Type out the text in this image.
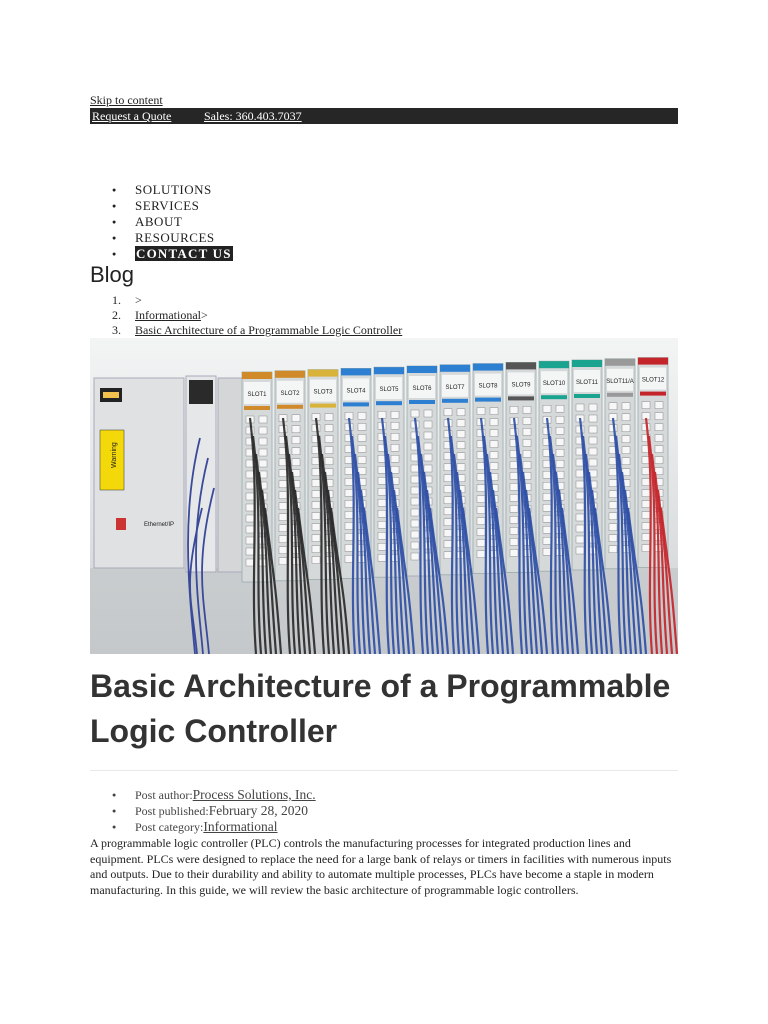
Skip to content
Request a Quote	Sales: 360.403.7037
● SOLUTIONS
● SERVICES
● ABOUT
● RESOURCES
● CONTACT US
Blog
1. >
2. Informational>
3. Basic Architecture of a Programmable Logic Controller
Warning
Ethernet/IP
SLOT1 SLOT2 SLOT3 SLOT4 SLOT5 SLOT6 SLOT7 SLOT8 SLOT9 SLOT10 SLOT11 SLOT11/A SLOT12
Basic Architecture of a Programmable Logic Controller
● Post author:Process Solutions, Inc.
● Post published:February 28, 2020
● Post category:Informational

A programmable logic controller (PLC) controls the manufacturing processes for integrated production lines and equipment. PLCs were designed to replace the need for a large bank of relays or timers in facilities with numerous inputs and outputs. Due to their durability and ability to automate multiple processes, PLCs have become a staple in modern manufacturing. In this guide, we will review the basic architecture of programmable logic controllers.
